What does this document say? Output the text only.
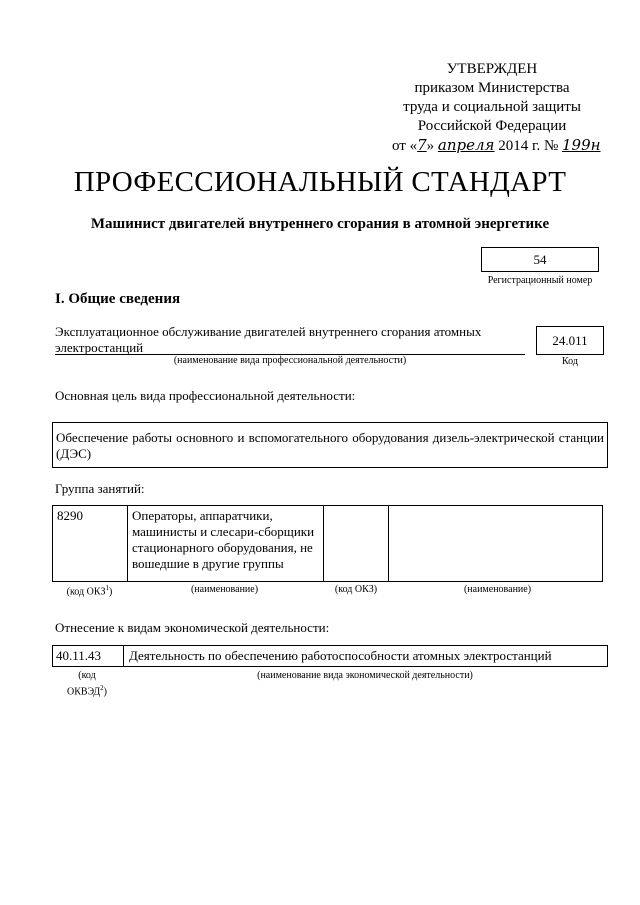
УТВЕРЖДЕН
приказом Министерства
труда и социальной защиты
Российской Федерации
от «7» апреля 2014 г. № 199н
ПРОФЕССИОНАЛЬНЫЙ СТАНДАРТ
Машинист двигателей внутреннего сгорания в атомной энергетике
54
Регистрационный номер
I. Общие сведения
Эксплуатационное обслуживание двигателей внутреннего сгорания атомных электростанций
(наименование вида профессиональной деятельности)
24.011
Код
Основная цель вида профессиональной деятельности:
Обеспечение работы основного и вспомогательного оборудования дизель-электрической станции (ДЭС)
Группа занятий:
8290	Операторы, аппаратчики, машинисты и слесари-сборщики стационарного оборудования, не вошедшие в другие группы		
(код ОКЗ$^1$)	(наименование)	(код ОКЗ)	(наименование)
Отнесение к видам экономической деятельности:
40.11.43 Деятельность по обеспечению работоспособности атомных электростанций
(код
ОКВЭД$^2$)
(наименование вида экономической деятельности)
